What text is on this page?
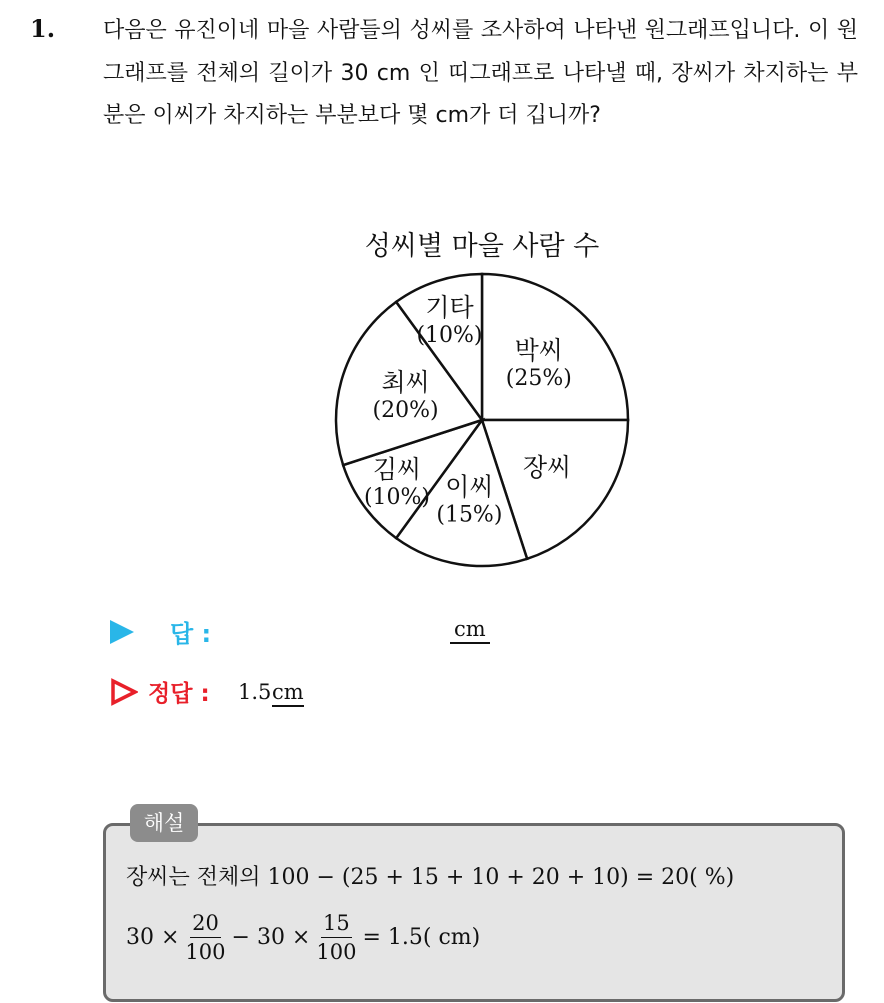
1. 다음은 유진이네 마을 사람들의 성씨를 조사하여 나타낸 원그래프입니다. 이 원그래프를 전체의 길이가 30 cm 인 띠그래프로 나타낼 때, 장씨가 차지하는 부분은 이씨가 차지하는 부분보다 몇 cm가 더 깁니까?
성씨별 마을 사람 수
박씨
(25%)
장씨
이씨
(15%)
김씨
(10%)
최씨
(20%)
기타
(10%)
답 :	cm
정답 : 1.5 cm
해설
장씨는 전체의 100 − (25 + 15 + 10 + 20 + 10) = 20( %)
$30 \times \frac{20}{100} - 30 \times \frac{15}{100} = 1.5$( cm)
